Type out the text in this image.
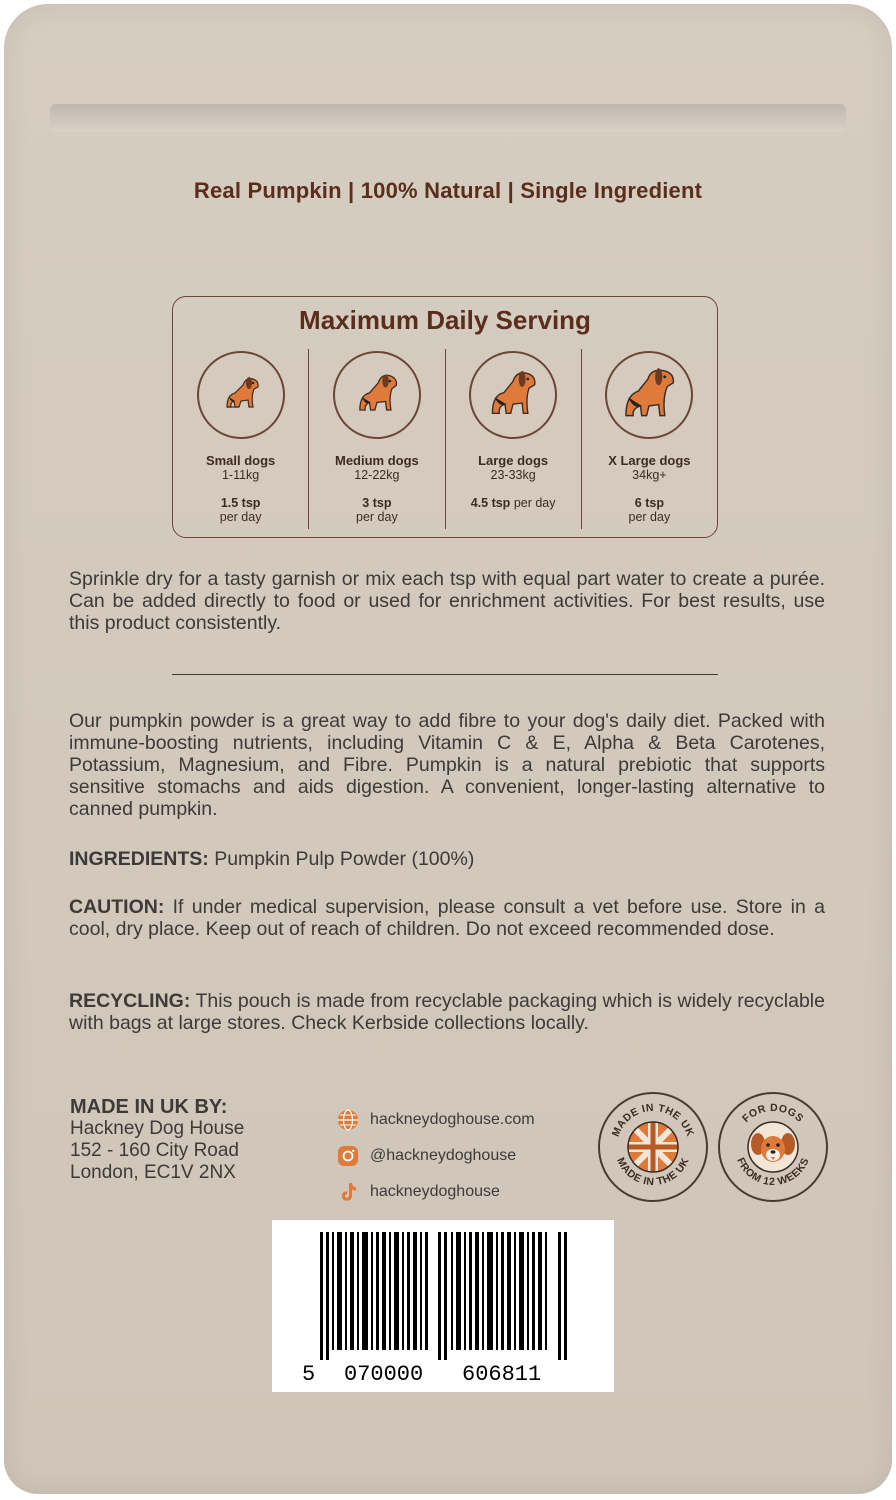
Real Pumpkin | 100% Natural | Single Ingredient
Maximum Daily Serving
Small dogs
1-11kg
1.5 tsp
per day
Medium dogs
12-22kg
3 tsp
per day
Large dogs
23-33kg
4.5 tsp per day
X Large dogs
34kg+
6 tsp
per day
Sprinkle dry for a tasty garnish or mix each tsp with equal part water to create a purée. Can be added directly to food or used for enrichment activities. For best results, use this product consistently.
Our pumpkin powder is a great way to add fibre to your dog's daily diet. Packed with immune-boosting nutrients, including Vitamin C & E, Alpha & Beta Carotenes, Potassium, Magnesium, and Fibre. Pumpkin is a natural prebiotic that supports sensitive stomachs and aids digestion. A convenient, longer-lasting alternative to canned pumpkin.
INGREDIENTS: Pumpkin Pulp Powder (100%)
CAUTION: If under medical supervision, please consult a vet before use. Store in a cool, dry place. Keep out of reach of children. Do not exceed recommended dose.
RECYCLING: This pouch is made from recyclable packaging which is widely recyclable with bags at large stores. Check Kerbside collections locally.
MADE IN UK BY:
Hackney Dog House
152 - 160 City Road
London, EC1V 2NX
hackneydoghouse.com
@hackneydoghouse
hackneydoghouse
MADE IN THE UK
MADE IN THE UK
FOR DOGS
FROM 12 WEEKS
5 070000 606811
